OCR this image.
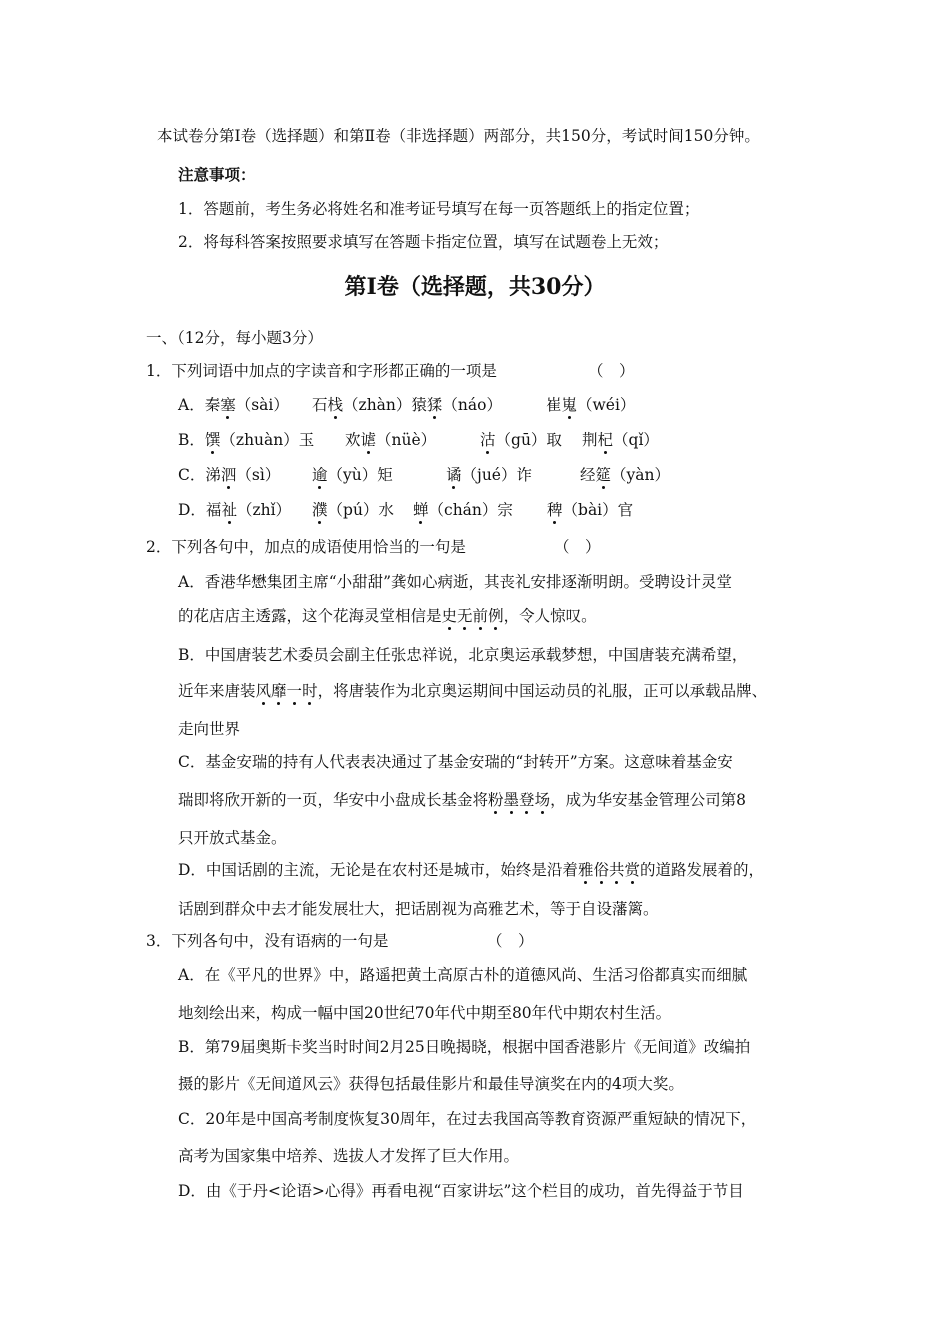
本试卷分第Ⅰ卷（选择题）和第Ⅱ卷（非选择题）两部分，共150分，考试时间150分钟。
注意事项：
1．答题前，考生务必将姓名和准考证号填写在每一页答题纸上的指定位置；
2．将每科答案按照要求填写在答题卡指定位置，填写在试题卷上无效；
第Ⅰ卷（选择题，共30分）
一、（12分，每小题3分）
1．下列词语中加点的字读音和字形都正确的一项是	（　）
A．秦塞（sài） 石栈（zhàn）猿猱（náo）	崔嵬（wéi）
B．馔（zhuàn）玉 欢谑（nüè）	沽（gū）取 荆杞（qǐ）
C．涕泗（sì） 逾（yù）矩	谲（jué）诈	经筵（yàn）
D．福祉（zhǐ） 濮（pú）水 蝉（chán）宗 稗（bài）官
2．下列各句中，加点的成语使用恰当的一句是	（　）
A．香港华懋集团主席“小甜甜”龚如心病逝，其丧礼安排逐渐明朗。受聘设计灵堂
的花店店主透露，这个花海灵堂相信是史无前例，令人惊叹。
B．中国唐装艺术委员会副主任张忠祥说，北京奥运承载梦想，中国唐装充满希望，
近年来唐装风靡一时，将唐装作为北京奥运期间中国运动员的礼服，正可以承载品牌、
走向世界
C．基金安瑞的持有人代表表决通过了基金安瑞的“封转开”方案。这意味着基金安
瑞即将欣开新的一页，华安中小盘成长基金将粉墨登场，成为华安基金管理公司第8
只开放式基金。
D．中国话剧的主流，无论是在农村还是城市，始终是沿着雅俗共赏的道路发展着的，
话剧到群众中去才能发展壮大，把话剧视为高雅艺术，等于自设藩篱。
3．下列各句中，没有语病的一句是	（　）
A．在《平凡的世界》中，路遥把黄土高原古朴的道德风尚、生活习俗都真实而细腻
地刻绘出来，构成一幅中国20世纪70年代中期至80年代中期农村生活。
B．第79届奥斯卡奖当时时间2月25日晚揭晓，根据中国香港影片《无间道》改编拍
摄的影片《无间道风云》获得包括最佳影片和最佳导演奖在内的4项大奖。
C．20年是中国高考制度恢复30周年，在过去我国高等教育资源严重短缺的情况下，
高考为国家集中培养、选拔人才发挥了巨大作用。
D．由《于丹<论语>心得》再看电视“百家讲坛”这个栏目的成功，首先得益于节目
